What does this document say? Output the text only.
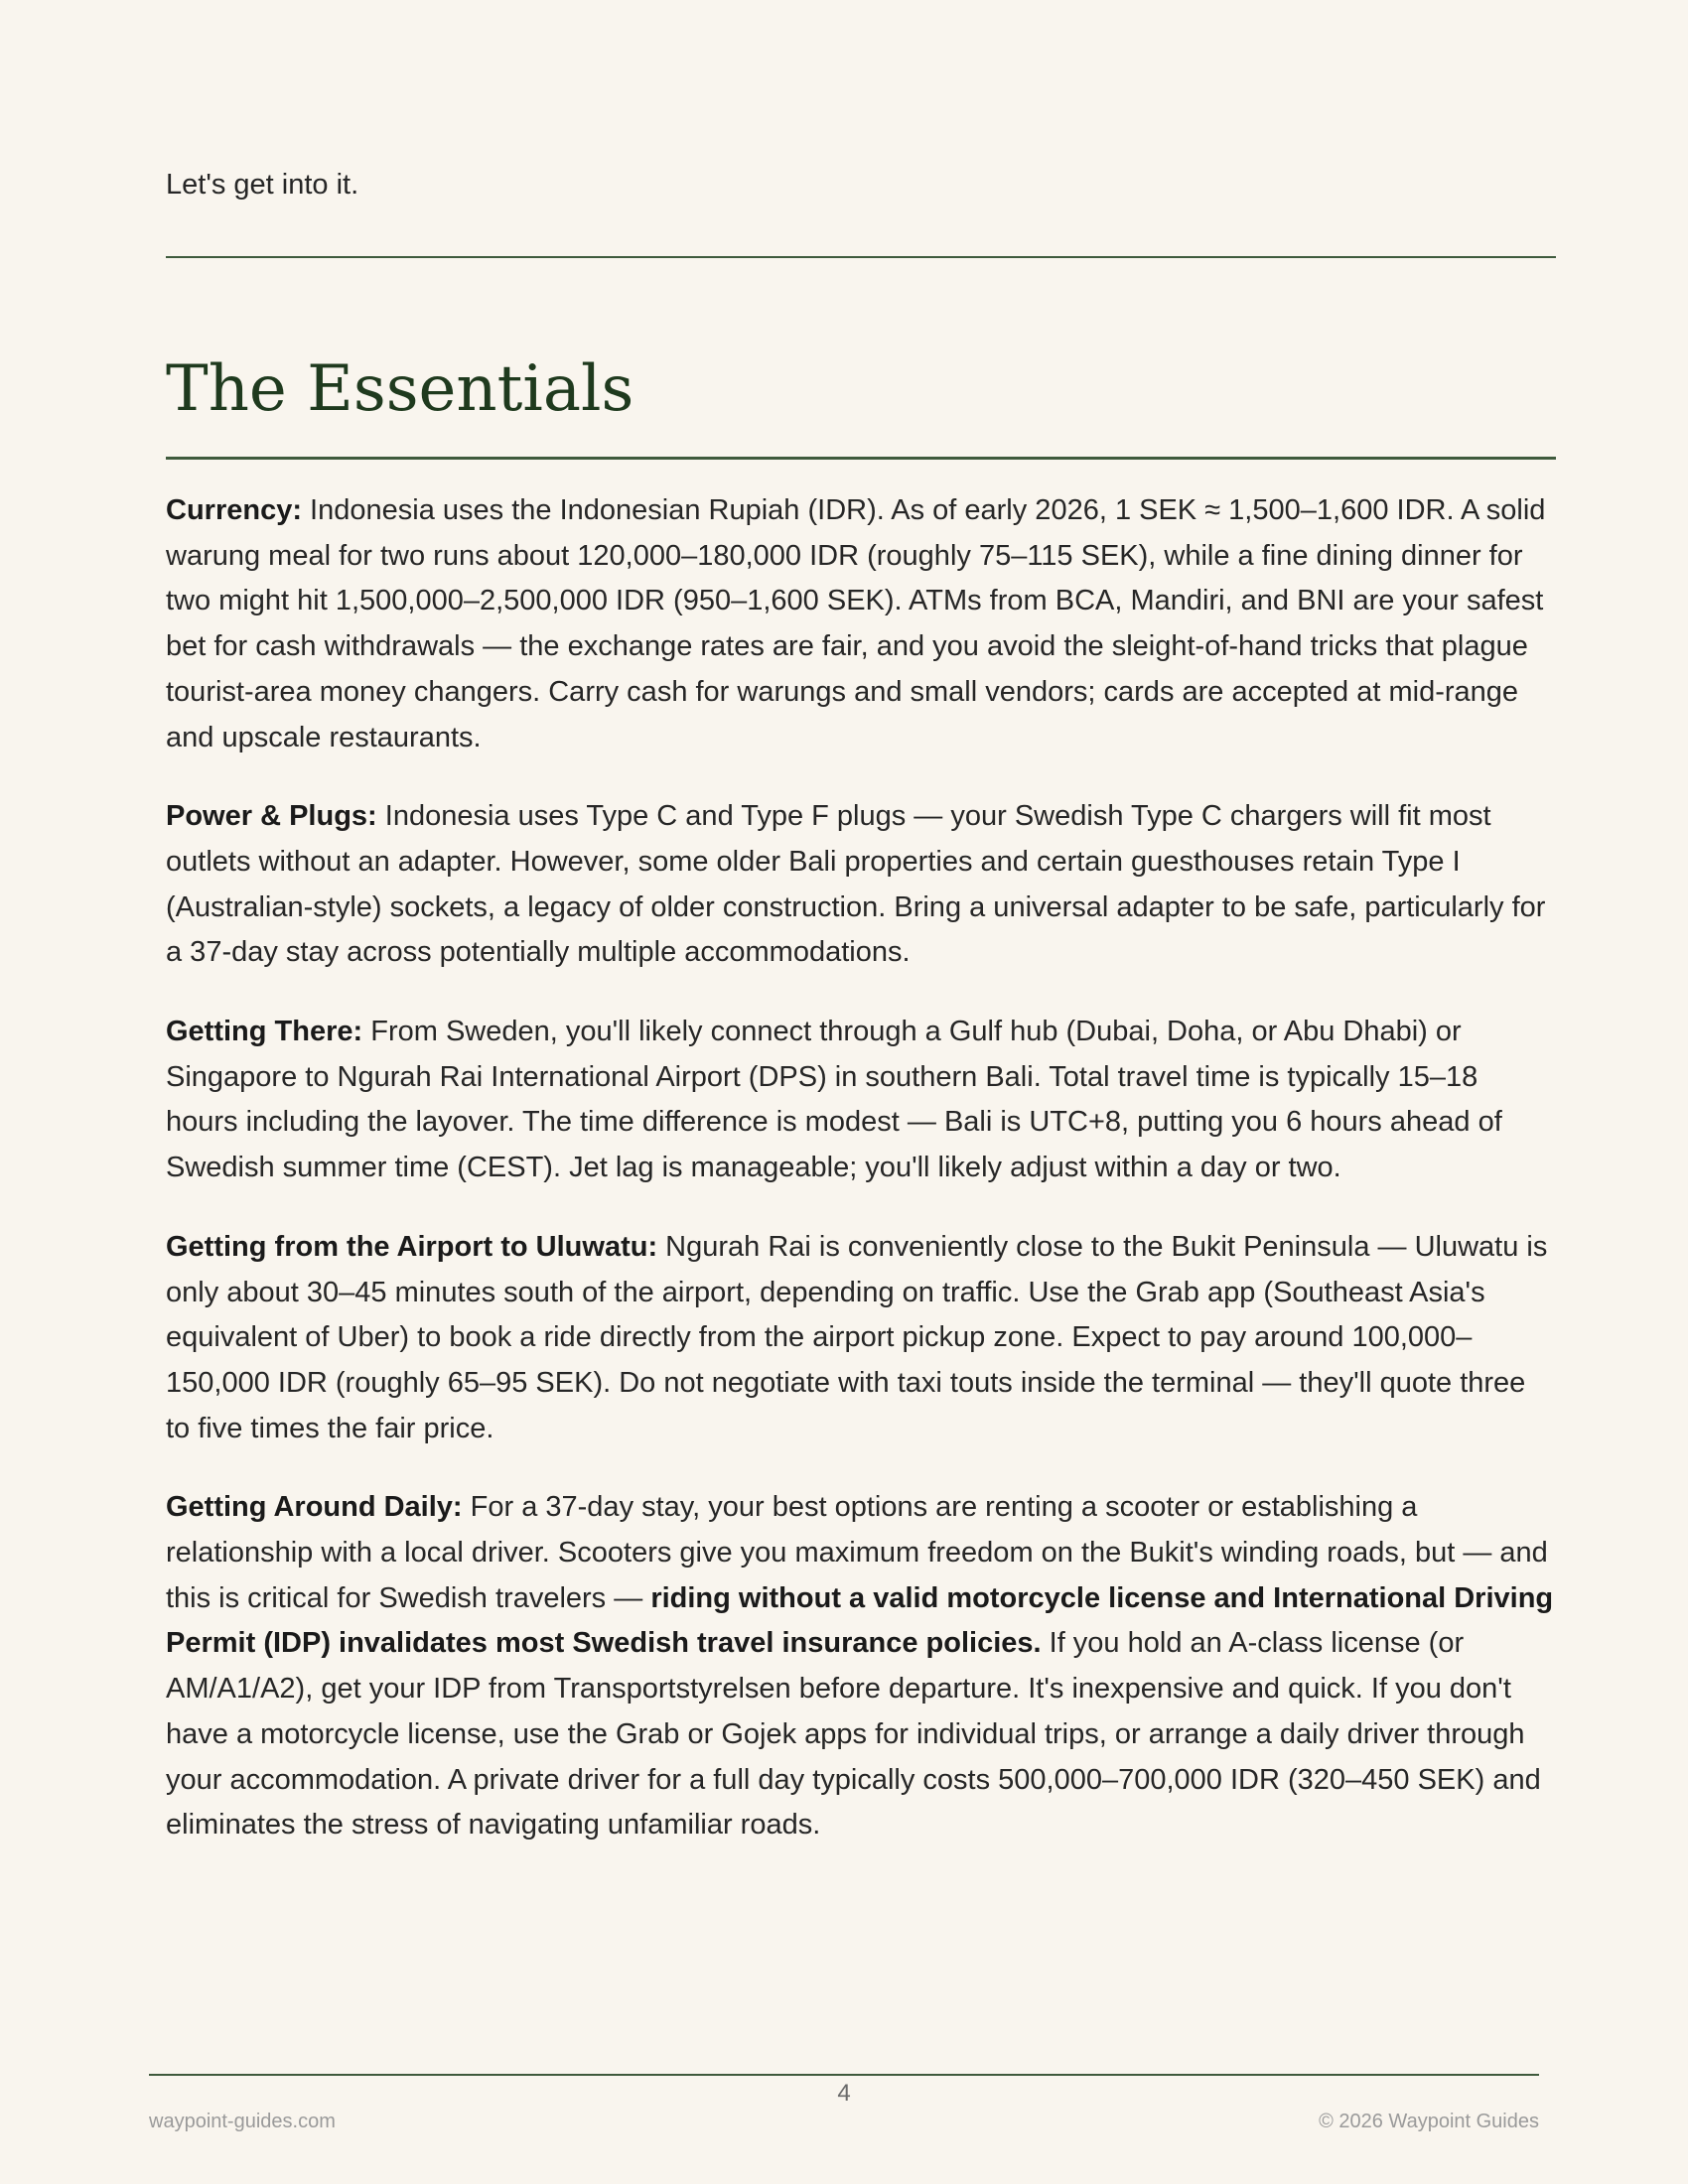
Let's get into it.

The Essentials

Currency: Indonesia uses the Indonesian Rupiah (IDR). As of early 2026, 1 SEK ≈ 1,500–1,600 IDR. A solid warung meal for two runs about 120,000–180,000 IDR (roughly 75–115 SEK), while a fine dining dinner for two might hit 1,500,000–2,500,000 IDR (950–1,600 SEK). ATMs from BCA, Mandiri, and BNI are your safest bet for cash withdrawals — the exchange rates are fair, and you avoid the sleight-of-hand tricks that plague tourist-area money changers. Carry cash for warungs and small vendors; cards are accepted at mid-range and upscale restaurants.

Power & Plugs: Indonesia uses Type C and Type F plugs — your Swedish Type C chargers will fit most outlets without an adapter. However, some older Bali properties and certain guesthouses retain Type I (Australian-style) sockets, a legacy of older construction. Bring a universal adapter to be safe, particularly for a 37-day stay across potentially multiple accommodations.

Getting There: From Sweden, you'll likely connect through a Gulf hub (Dubai, Doha, or Abu Dhabi) or Singapore to Ngurah Rai International Airport (DPS) in southern Bali. Total travel time is typically 15–18 hours including the layover. The time difference is modest — Bali is UTC+8, putting you 6 hours ahead of Swedish summer time (CEST). Jet lag is manageable; you'll likely adjust within a day or two.

Getting from the Airport to Uluwatu: Ngurah Rai is conveniently close to the Bukit Peninsula — Uluwatu is only about 30–45 minutes south of the airport, depending on traffic. Use the Grab app (Southeast Asia's equivalent of Uber) to book a ride directly from the airport pickup zone. Expect to pay around 100,000–150,000 IDR (roughly 65–95 SEK). Do not negotiate with taxi touts inside the terminal — they'll quote three to five times the fair price.

Getting Around Daily: For a 37-day stay, your best options are renting a scooter or establishing a relationship with a local driver. Scooters give you maximum freedom on the Bukit's winding roads, but — and this is critical for Swedish travelers — riding without a valid motorcycle license and International Driving Permit (IDP) invalidates most Swedish travel insurance policies. If you hold an A-class license (or AM/A1/A2), get your IDP from Transportstyrelsen before departure. It's inexpensive and quick. If you don't have a motorcycle license, use the Grab or Gojek apps for individual trips, or arrange a daily driver through your accommodation. A private driver for a full day typically costs 500,000–700,000 IDR (320–450 SEK) and eliminates the stress of navigating unfamiliar roads.

4
waypoint-guides.com	© 2026 Waypoint Guides
